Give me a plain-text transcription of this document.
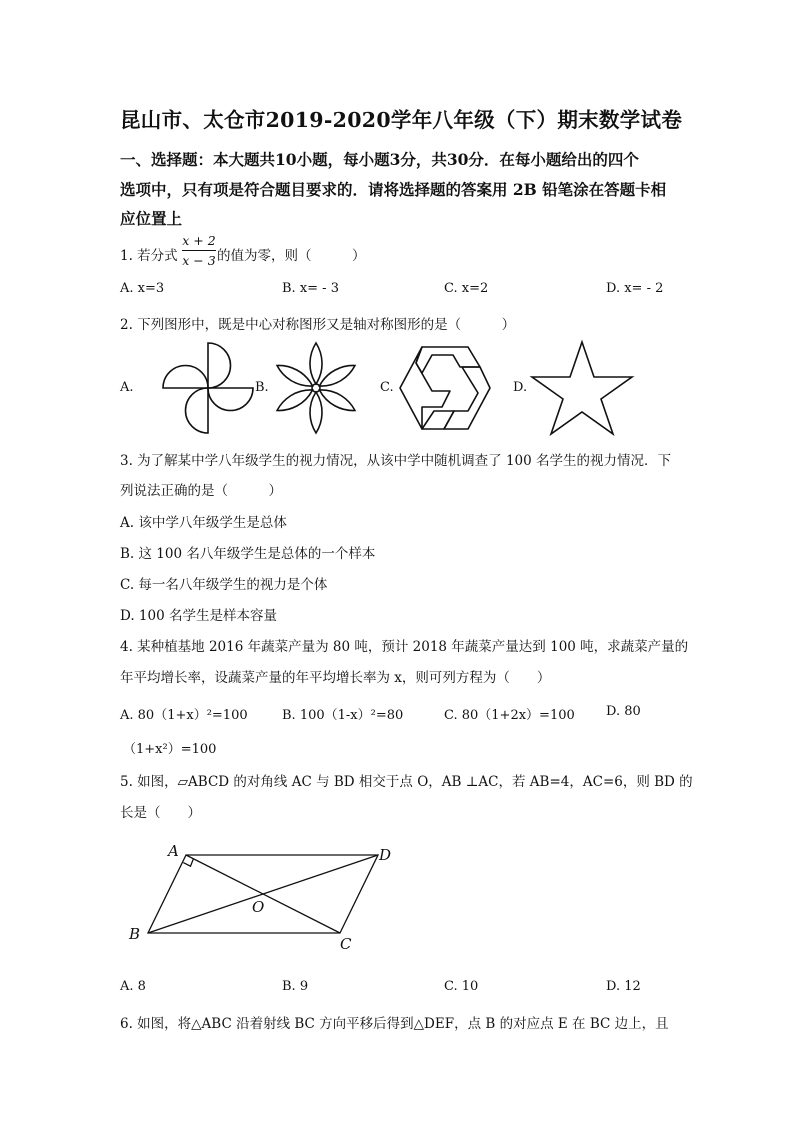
昆山市、太仓市2019-2020学年八年级（下）期末数学试卷
一、选择题：本大题共10小题，每小题3分，共30分．在每小题给出的四个
选项中，只有项是符合题目要求的．请将选择题的答案用 2B 铅笔涂在答题卡相
应位置上
1. 若分式 $\frac{x + 2}{x - 3}$ 的值为零，则（　　　）
A. x=3	B. x= - 3	C. x=2	D. x= - 2
2. 下列图形中，既是中心对称图形又是轴对称图形的是（　　　）
A.	B.	C.	D.
3. 为了解某中学八年级学生的视力情况，从该中学中随机调查了 100 名学生的视力情况．下
列说法正确的是（　　　）
A. 该中学八年级学生是总体
B. 这 100 名八年级学生是总体的一个样本
C. 每一名八年级学生的视力是个体
D. 100 名学生是样本容量
4. 某种植基地 2016 年蔬菜产量为 80 吨，预计 2018 年蔬菜产量达到 100 吨，求蔬菜产量的
年平均增长率，设蔬菜产量的年平均增长率为 x，则可列方程为（　　）
A. 80（1+x）²=100	B. 100（1-x）²=80	C. 80（1+2x）=100 D. 80
（1+x²）=100
5. 如图，▱ABCD 的对角线 AC 与 BD 相交于点 O，AB ⊥AC，若 AB=4，AC=6，则 BD 的
长是（　　）
A
B
C
D
O
A. 8	B. 9	C. 10	D. 12
6. 如图，将△ABC 沿着射线 BC 方向平移后得到△DEF，点 B 的对应点 E 在 BC 边上，且
